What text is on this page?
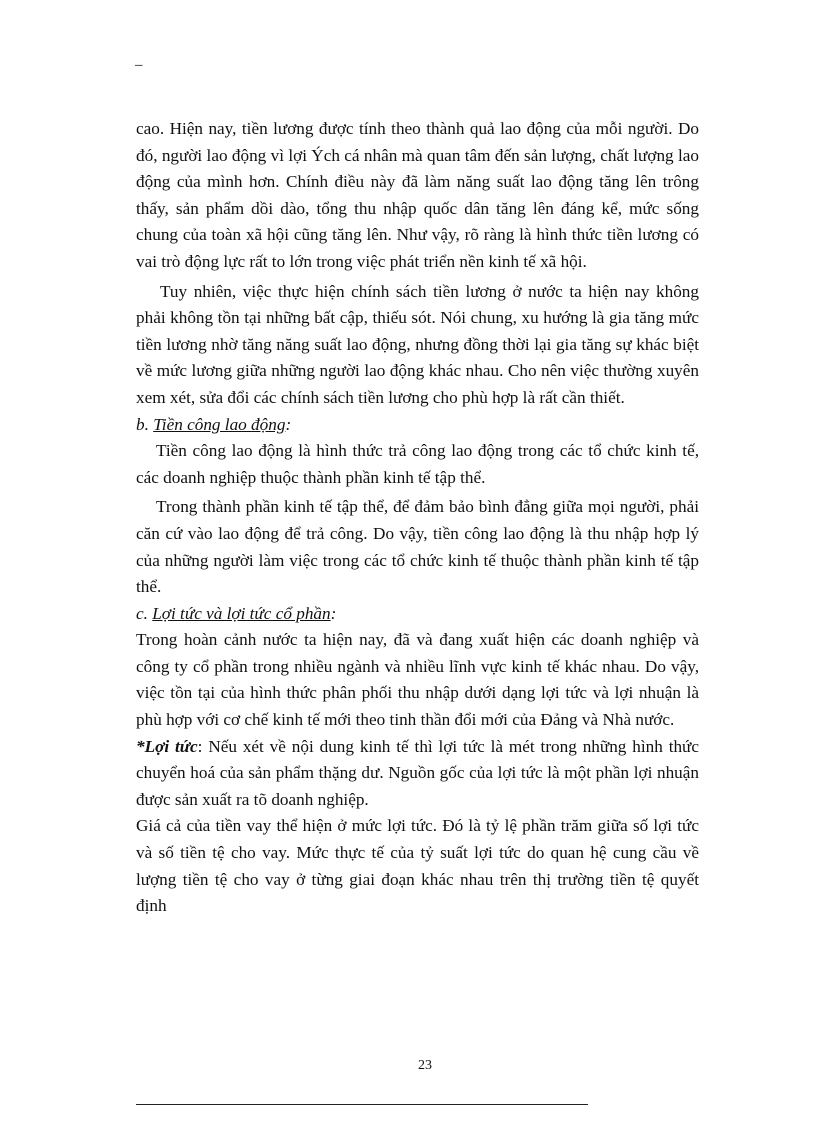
–

cao. Hiện nay, tiền lương được tính theo thành quả lao động của mỗi người. Do đó, người lao động vì lợi Ých cá nhân mà quan tâm đến sản lượng, chất lượng lao động của mình hơn. Chính điều này đã làm năng suất lao động tăng lên trông thấy, sản phẩm dồi dào, tổng thu nhập quốc dân tăng lên đáng kể, mức sống chung của toàn xã hội cũng tăng lên. Như vậy, rõ ràng là hình thức tiền lương có vai trò động lực rất to lớn trong việc phát triển nền kinh tế xã hội.

Tuy nhiên, việc thực hiện chính sách tiền lương ở nước ta hiện nay không phải không tồn tại những bất cập, thiếu sót. Nói chung, xu hướng là gia tăng mức tiền lương nhờ tăng năng suất lao động, nhưng đồng thời lại gia tăng sự khác biệt về mức lương giữa những người lao động khác nhau. Cho nên việc thường xuyên xem xét, sửa đổi các chính sách tiền lương cho phù hợp là rất cần thiết.

b. Tiền công lao động:

Tiền công lao động là hình thức trả công lao động trong các tổ chức kinh tế, các doanh nghiệp thuộc thành phần kinh tế tập thể.

Trong thành phần kinh tế tập thể, để đảm bảo bình đẳng giữa mọi người, phải căn cứ vào lao động để trả công. Do vậy, tiền công lao động là thu nhập hợp lý của những người làm việc trong các tổ chức kinh tế thuộc thành phần kinh tế tập thể.

c. Lợi tức và lợi tức cổ phần:

Trong hoàn cảnh nước ta hiện nay, đã và đang xuất hiện các doanh nghiệp và công ty cổ phần trong nhiều ngành và nhiều lĩnh vực kinh tế khác nhau. Do vậy, việc tồn tại của hình thức phân phối thu nhập dưới dạng lợi tức và lợi nhuận là phù hợp với cơ chế kinh tế mới theo tinh thần đổi mới của Đảng và Nhà nước.

*Lợi tức: Nếu xét về nội dung kinh tế thì lợi tức là mét trong những hình thức chuyển hoá của sản phẩm thặng dư. Nguồn gốc của lợi tức là một phần lợi nhuận được sản xuất ra tõ doanh nghiệp.

Giá cả của tiền vay thể hiện ở mức lợi tức. Đó là tỷ lệ phần trăm giữa số lợi tức và số tiền tệ cho vay. Mức thực tế của tỷ suất lợi tức do quan hệ cung cầu về lượng tiền tệ cho vay ở từng giai đoạn khác nhau trên thị trường tiền tệ quyết định

23
